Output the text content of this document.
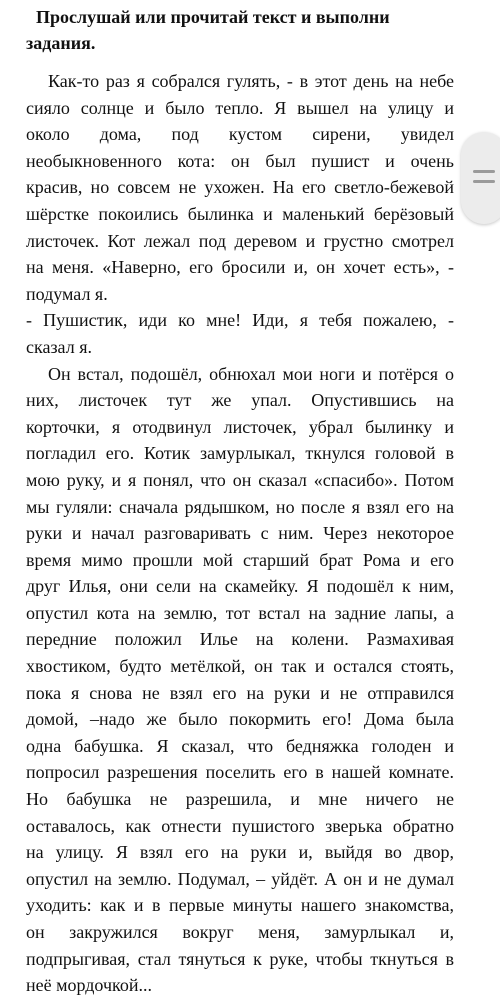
Прослушай или прочитай текст и выполни
задания.
Как-то раз я собрался гулять, - в этот день на небе
сияло солнце и было тепло. Я вышел на улицу и
около дома, под кустом сирени, увидел
необыкновенного кота: он был пушист и очень
красив, но совсем не ухожен. На его светло-бежевой
шёрстке покоились былинка и маленький берёзовый
листочек. Кот лежал под деревом и грустно смотрел
на меня. «Наверно, его бросили и, он хочет есть», -
подумал я.
- Пушистик, иди ко мне! Иди, я тебя пожалею, -
сказал я.
Он встал, подошёл, обнюхал мои ноги и потёрся о
них, листочек тут же упал. Опустившись на
корточки, я отодвинул листочек, убрал былинку и
погладил его. Котик замурлыкал, ткнулся головой в
мою руку, и я понял, что он сказал «спасибо». Потом
мы гуляли: сначала рядышком, но после я взял его на
руки и начал разговаривать с ним. Через некоторое
время мимо прошли мой старший брат Рома и его
друг Илья, они сели на скамейку. Я подошёл к ним,
опустил кота на землю, тот встал на задние лапы, а
передние положил Илье на колени. Размахивая
хвостиком, будто метёлкой, он так и остался стоять,
пока я снова не взял его на руки и не отправился
домой, –надо же было покормить его! Дома была
одна бабушка. Я сказал, что бедняжка голоден и
попросил разрешения поселить его в нашей комнате.
Но бабушка не разрешила, и мне ничего не
оставалось, как отнести пушистого зверька обратно
на улицу. Я взял его на руки и, выйдя во двор,
опустил на землю. Подумал, – уйдёт. А он и не думал
уходить: как и в первые минуты нашего знакомства,
он закружился вокруг меня, замурлыкал и,
подпрыгивая, стал тянуться к руке, чтобы ткнуться в
неё мордочкой...
